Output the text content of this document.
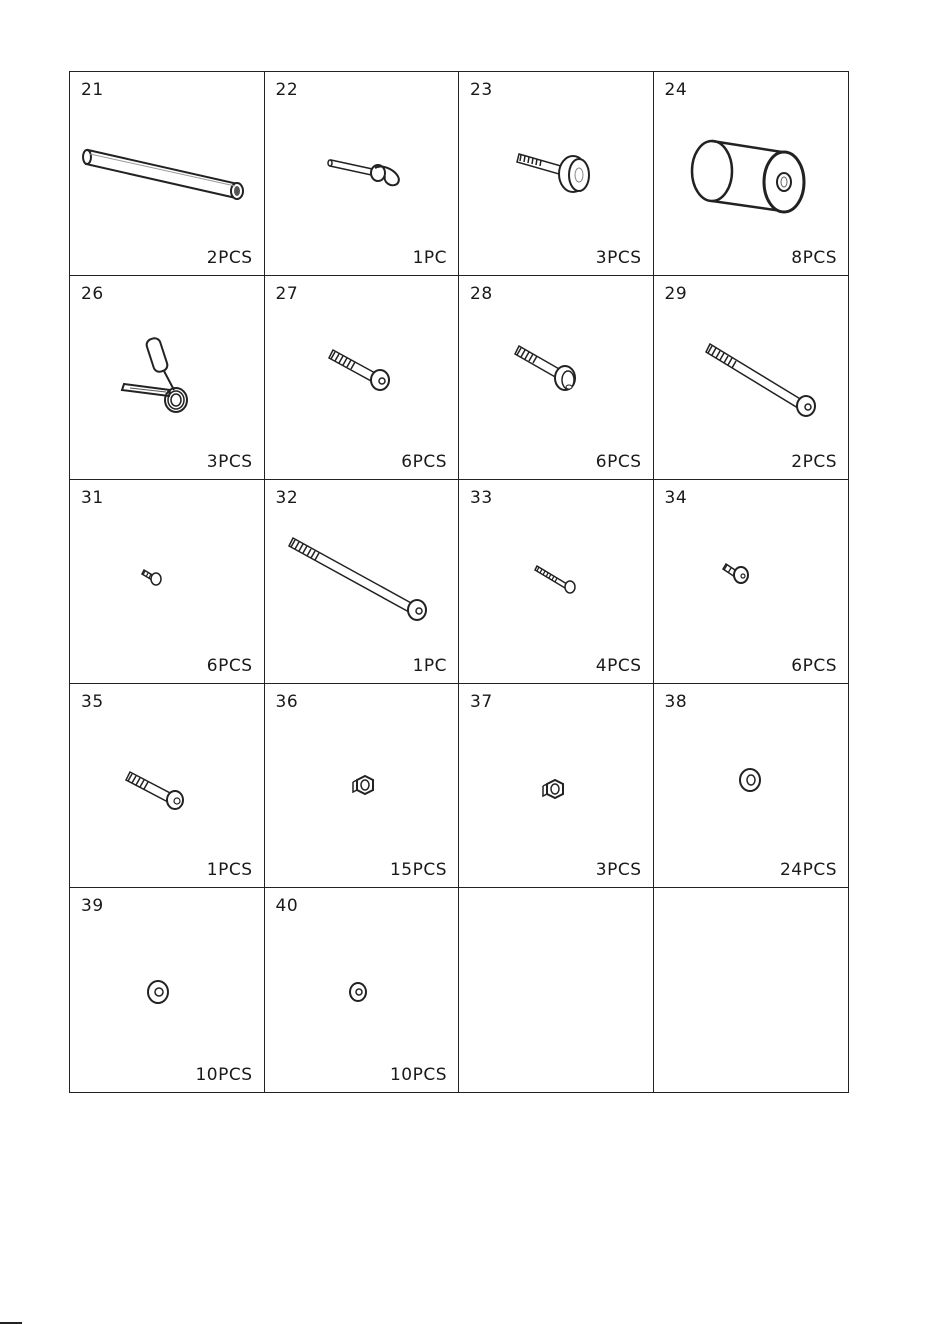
21
2PCS
22
1PC
23
3PCS
24
8PCS
26
3PCS
27
6PCS
28
6PCS
29
2PCS
31
6PCS
32
1PC
33
4PCS
34
6PCS
35
1PCS
36
15PCS
37
3PCS
38
24PCS
39
10PCS
40
10PCS
